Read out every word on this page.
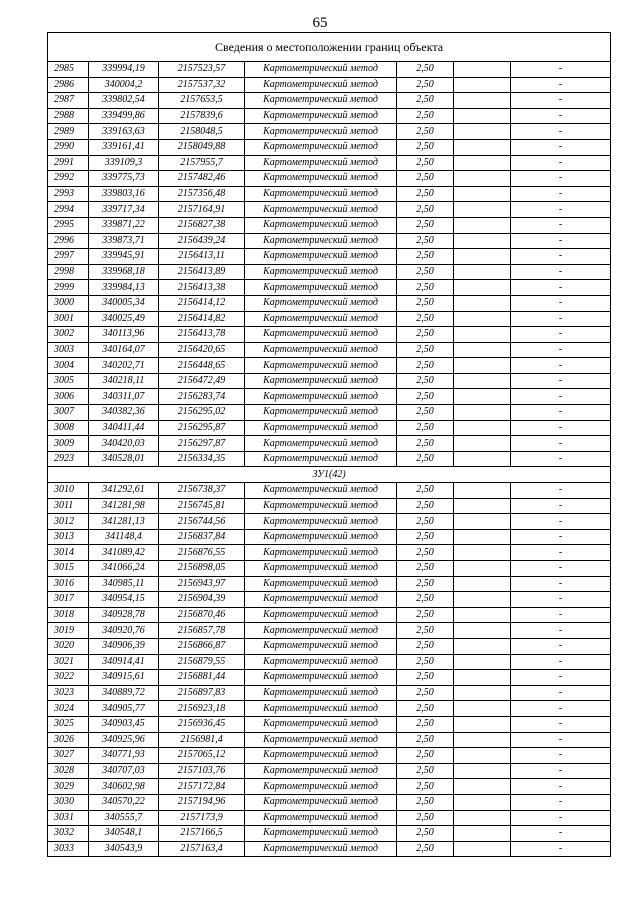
65
Сведения о местоположении границ объекта						
2985	339994,19	2157523,57	Картометрический метод	2,50		-
2986	340004,2	2157537,32	Картометрический метод	2,50		-
2987	339802,54	2157653,5	Картометрический метод	2,50		-
2988	339499,86	2157839,6	Картометрический метод	2,50		-
2989	339163,63	2158048,5	Картометрический метод	2,50		-
2990	339161,41	2158049,88	Картометрический метод	2,50		-
2991	339109,3	2157955,7	Картометрический метод	2,50		-
2992	339775,73	2157482,46	Картометрический метод	2,50		-
2993	339803,16	2157356,48	Картометрический метод	2,50		-
2994	339717,34	2157164,91	Картометрический метод	2,50		-
2995	339871,22	2156827,38	Картометрический метод	2,50		-
2996	339873,71	2156439,24	Картометрический метод	2,50		-
2997	339945,91	2156413,11	Картометрический метод	2,50		-
2998	339968,18	2156413,89	Картометрический метод	2,50		-
2999	339984,13	2156413,38	Картометрический метод	2,50		-
3000	340005,34	2156414,12	Картометрический метод	2,50		-
3001	340025,49	2156414,82	Картометрический метод	2,50		-
3002	340113,96	2156413,78	Картометрический метод	2,50		-
3003	340164,07	2156420,65	Картометрический метод	2,50		-
3004	340202,71	2156448,65	Картометрический метод	2,50		-
3005	340218,11	2156472,49	Картометрический метод	2,50		-
3006	340311,07	2156283,74	Картометрический метод	2,50		-
3007	340382,36	2156295,02	Картометрический метод	2,50		-
3008	340411,44	2156295,87	Картометрический метод	2,50		-
3009	340420,03	2156297,87	Картометрический метод	2,50		-
2923	340528,01	2156334,35	Картометрический метод	2,50		-
ЗУ1(42)						
3010	341292,61	2156738,37	Картометрический метод	2,50		-
3011	341281,98	2156745,81	Картометрический метод	2,50		-
3012	341281,13	2156744,56	Картометрический метод	2,50		-
3013	341148,4	2156837,84	Картометрический метод	2,50		-
3014	341089,42	2156876,55	Картометрический метод	2,50		-
3015	341066,24	2156898,05	Картометрический метод	2,50		-
3016	340985,11	2156943,97	Картометрический метод	2,50		-
3017	340954,15	2156904,39	Картометрический метод	2,50		-
3018	340928,78	2156870,46	Картометрический метод	2,50		-
3019	340920,76	2156857,78	Картометрический метод	2,50		-
3020	340906,39	2156866,87	Картометрический метод	2,50		-
3021	340914,41	2156879,55	Картометрический метод	2,50		-
3022	340915,61	2156881,44	Картометрический метод	2,50		-
3023	340889,72	2156897,83	Картометрический метод	2,50		-
3024	340905,77	2156923,18	Картометрический метод	2,50		-
3025	340903,45	2156936,45	Картометрический метод	2,50		-
3026	340925,96	2156981,4	Картометрический метод	2,50		-
3027	340771,93	2157065,12	Картометрический метод	2,50		-
3028	340707,03	2157103,76	Картометрический метод	2,50		-
3029	340602,98	2157172,84	Картометрический метод	2,50		-
3030	340570,22	2157194,96	Картометрический метод	2,50		-
3031	340555,7	2157173,9	Картометрический метод	2,50		-
3032	340548,1	2157166,5	Картометрический метод	2,50		-
3033	340543,9	2157163,4	Картометрический метод	2,50		-
